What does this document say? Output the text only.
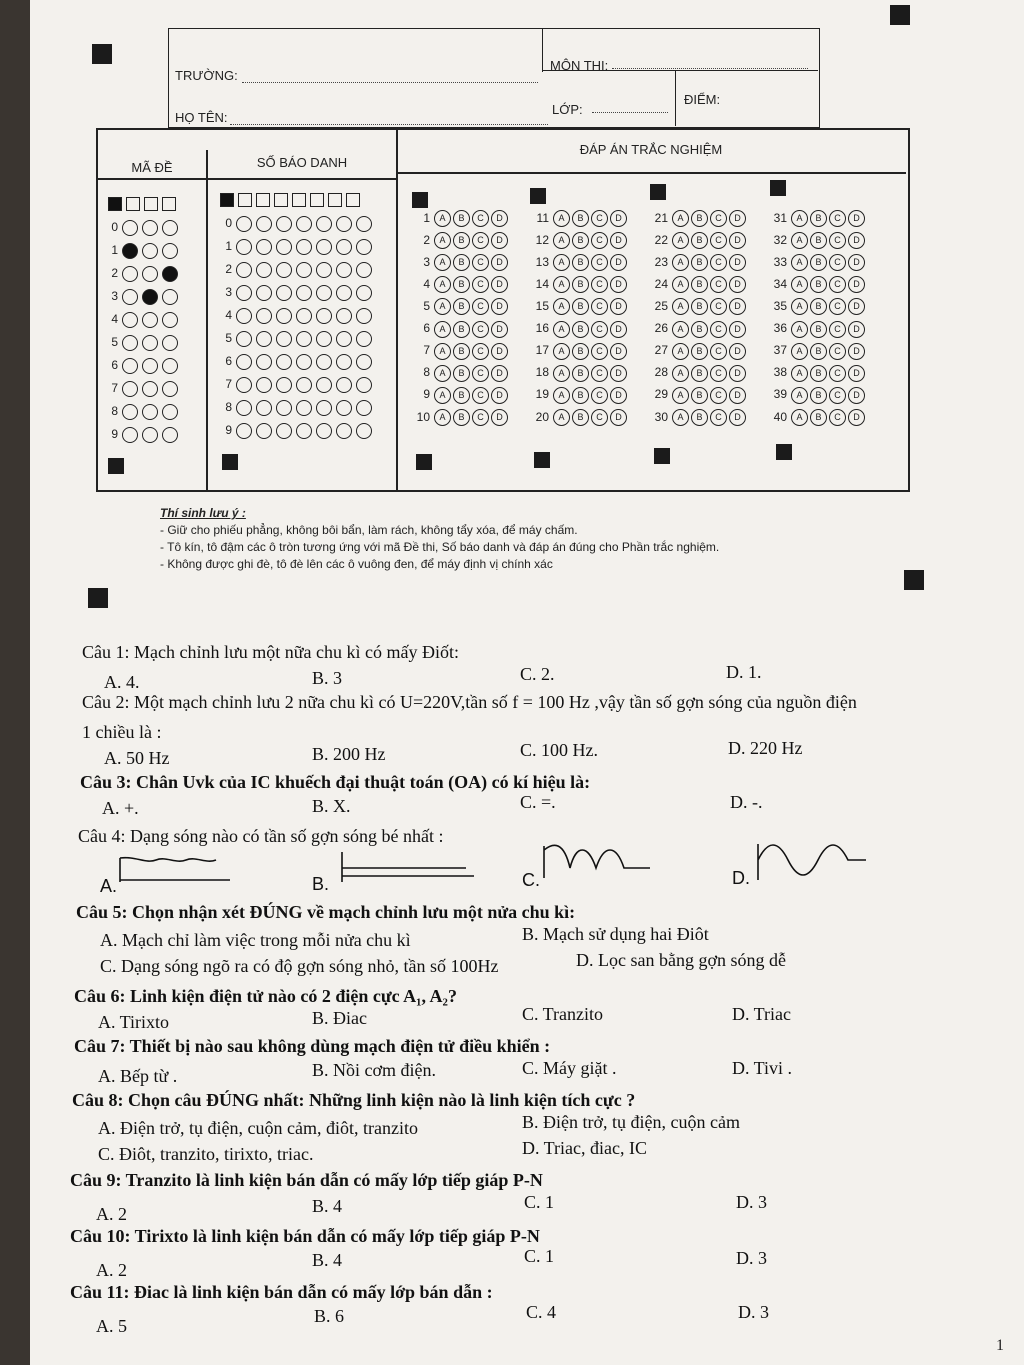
TRƯỜNG:
MÔN THI:
HỌ TÊN:
LỚP:
ĐIỂM:
MÃ ĐỀ	SỐ BÁO DANH
ĐÁP ÁN TRẮC NGHIỆM
0
1
2
3
4
5
6
7
8
9
0
1
2
3
4
5
6
7
8
9
1 A B C D	11 A B C D	21 A B C D	31 A B C D
2 A B C D	12 A B C D	22 A B C D	32 A B C D
3 A B C D	13 A B C D	23 A B C D	33 A B C D
4 A B C D	14 A B C D	24 A B C D	34 A B C D
5 A B C D	15 A B C D	25 A B C D	35 A B C D
6 A B C D	16 A B C D	26 A B C D	36 A B C D
7 A B C D	17 A B C D	27 A B C D	37 A B C D
8 A B C D	18 A B C D	28 A B C D	38 A B C D
9 A B C D	19 A B C D	29 A B C D	39 A B C D
10 A B C D	20 A B C D	30 A B C D	40 A B C D
Thí sinh lưu ý :
- Giữ cho phiếu phẳng, không bôi bẩn, làm rách, không tẩy xóa, để máy chấm.
- Tô kín, tô đậm các ô tròn tương ứng với mã Đề thi, Số báo danh và đáp án đúng cho Phần trắc nghiệm.
- Không được ghi đè, tô đè lên các ô vuông đen, để máy định vị chính xác
Câu 1: Mạch chỉnh lưu một nữa chu kì có mấy Điốt:
A. 4.	B. 3	C. 2.	D. 1.
Câu 2: Một mạch chỉnh lưu 2 nữa chu kì có U=220V,tần số f = 100 Hz ,vậy tần số gợn sóng của nguồn điện
1 chiều là :
A. 50 Hz	B. 200 Hz	C. 100 Hz.	D. 220 Hz
Câu 3: Chân Uvk của IC khuếch đại thuật toán (OA) có kí hiệu là:
A. +.	B. X.	C. =.	D. -.
Câu 4: Dạng sóng nào có tần số gợn sóng bé nhất :
A.	B.	C.	D.
Câu 5: Chọn nhận xét ĐÚNG về mạch chỉnh lưu một nửa chu kì:
A. Mạch chỉ làm việc trong mỗi nửa chu kì	B. Mạch sử dụng hai Điôt
C. Dạng sóng ngõ ra có độ gợn sóng nhỏ, tần số 100Hz	D. Lọc san bằng gợn sóng dễ
Câu 6: Linh kiện điện tử nào có 2 điện cực A₁, A₂?
A. Tirixto	B. Điac	C. Tranzito	D. Triac
Câu 7: Thiết bị nào sau không dùng mạch điện tử điều khiển :
A. Bếp từ .	B. Nồi cơm điện.	C. Máy giặt .	D. Tivi .
Câu 8: Chọn câu ĐÚNG nhất: Những linh kiện nào là linh kiện tích cực ?
A. Điện trở, tụ điện, cuộn cảm, điôt, tranzito	B. Điện trở, tụ điện, cuộn cảm
C. Điôt, tranzito, tirixto, triac.	D. Triac, điac, IC
Câu 9: Tranzito là linh kiện bán dẫn có mấy lớp tiếp giáp P-N
A. 2	B. 4	C. 1	D. 3
Câu 10: Tirixto là linh kiện bán dẫn có mấy lớp tiếp giáp P-N
A. 2	B. 4	C. 1	D. 3
Câu 11: Điac là linh kiện bán dẫn có mấy lớp bán dẫn :
A. 5	B. 6	C. 4	D. 3
1
